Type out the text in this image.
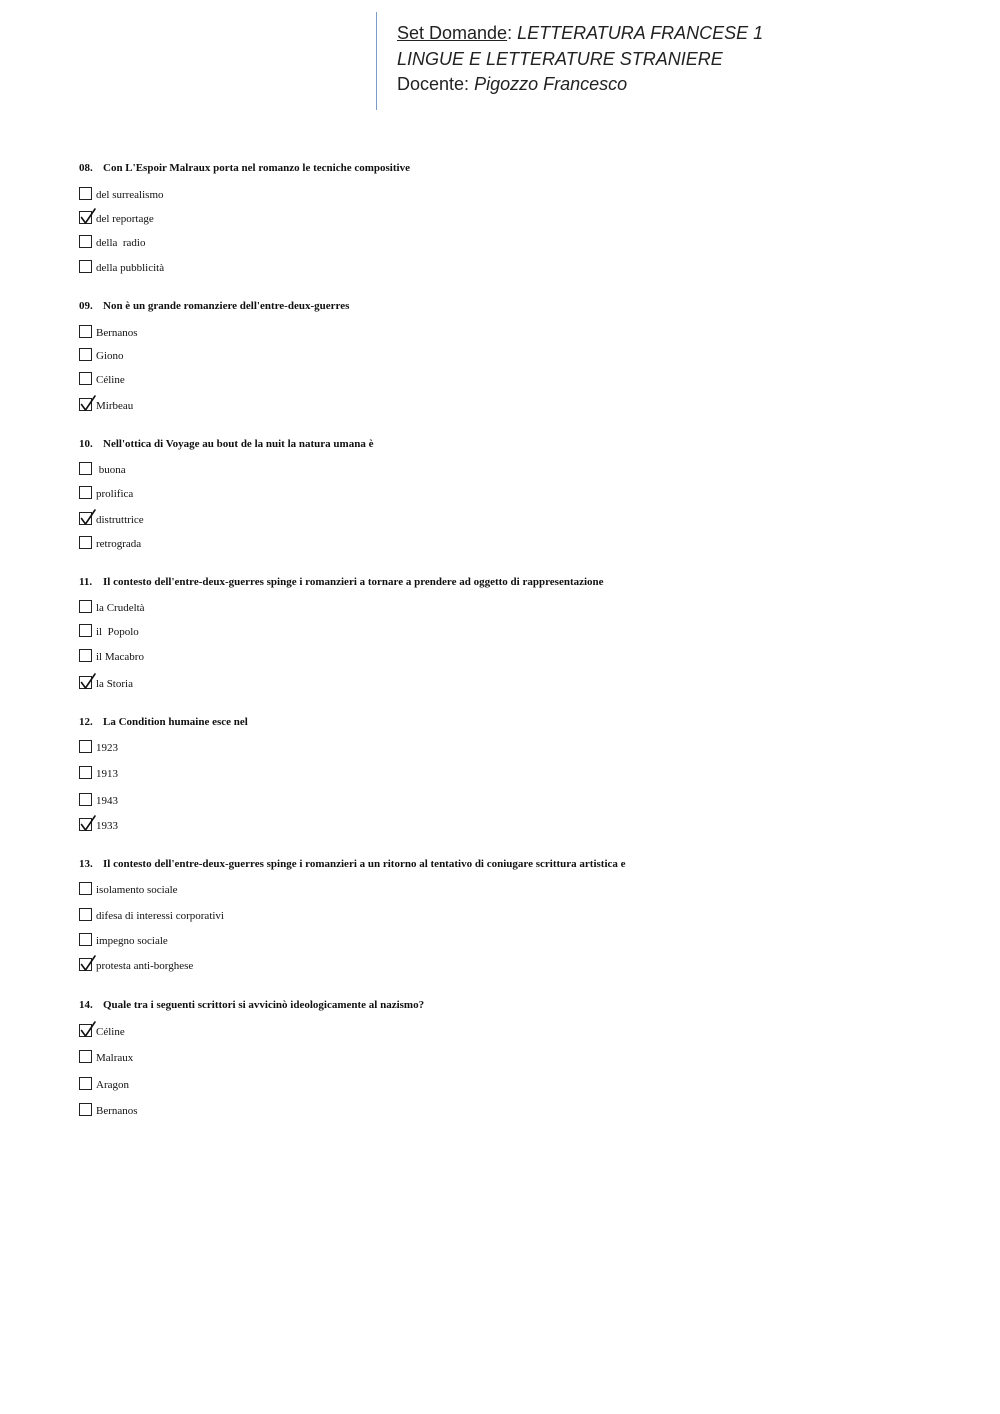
Set Domande: LETTERATURA FRANCESE 1
LINGUE E LETTERATURE STRANIERE
Docente: Pigozzo Francesco
08. Con L'Espoir Malraux porta nel romanzo le tecniche compositive
del surrealismo
del reportage
della  radio
della pubblicità
09. Non è un grande romanziere dell'entre-deux-guerres
Bernanos
Giono
Céline
Mirbeau
10. Nell'ottica di Voyage au bout de la nuit la natura umana è
buona
prolifica
distruttrice
retrograda
11. Il contesto dell'entre-deux-guerres spinge i romanzieri a tornare a prendere ad oggetto di rappresentazione
la Crudeltà
il  Popolo
il Macabro
la Storia
12. La Condition humaine esce nel
1923
1913
1943
1933
13. Il contesto dell'entre-deux-guerres spinge i romanzieri a un ritorno al tentativo di coniugare scrittura artistica e
isolamento sociale
difesa di interessi corporativi
impegno sociale
protesta anti-borghese
14. Quale tra i seguenti scrittori si avvicinò ideologicamente al nazismo?
Céline
Malraux
Aragon
Bernanos
